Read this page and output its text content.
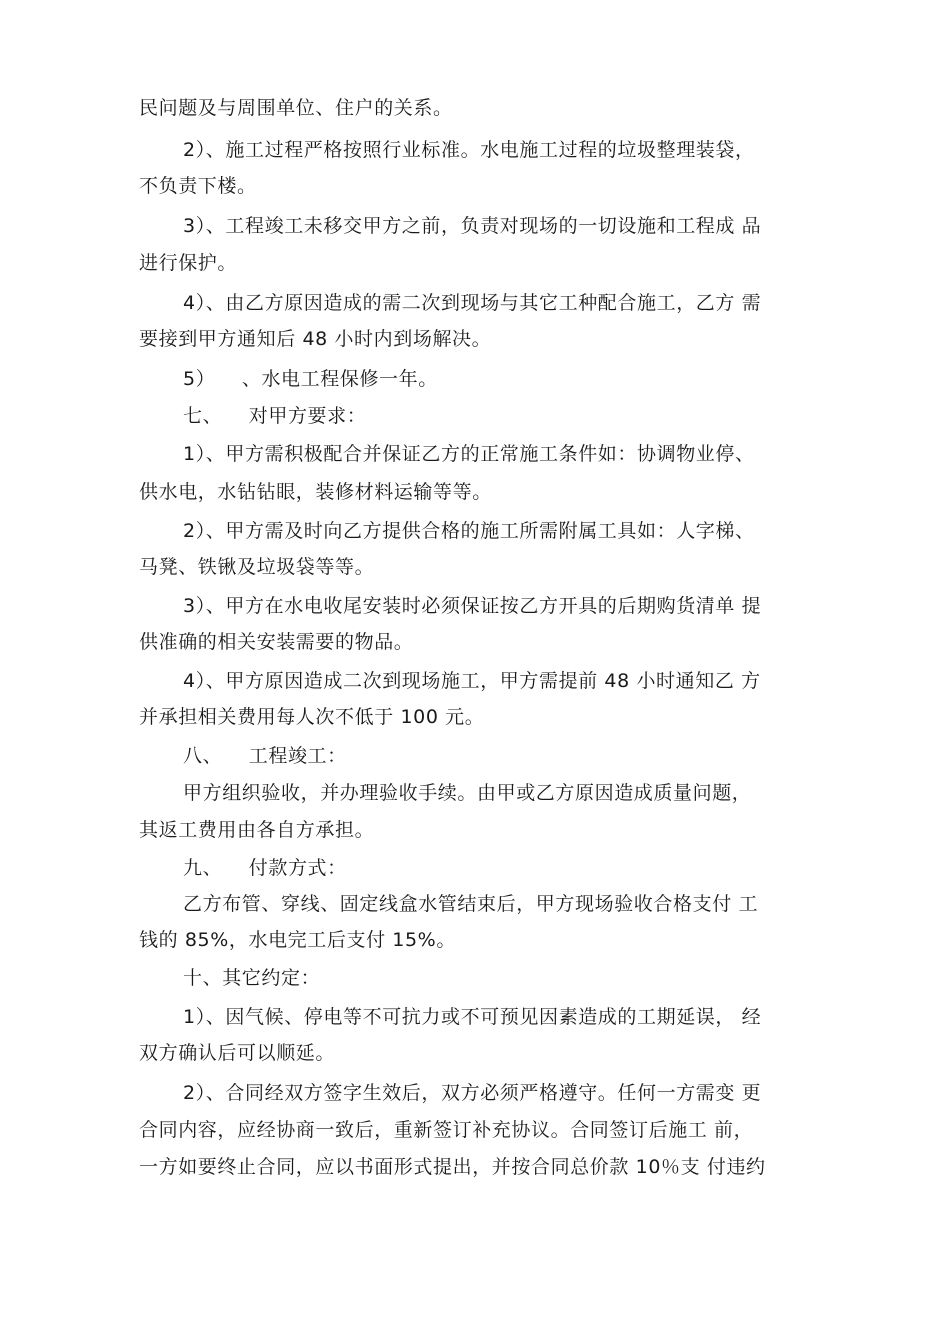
民问题及与周围单位、住户的关系。
2）、施工过程严格按照行业标准。水电施工过程的垃圾整理装袋，
不负责下楼。
3）、工程竣工未移交甲方之前，负责对现场的一切设施和工程成 品
进行保护。
4）、由乙方原因造成的需二次到现场与其它工种配合施工，乙方 需
要接到甲方通知后 48 小时内到场解决。
5）    、水电工程保修一年。
七、    对甲方要求：
1）、甲方需积极配合并保证乙方的正常施工条件如：协调物业停、
供水电，水钻钻眼，装修材料运输等等。
2）、甲方需及时向乙方提供合格的施工所需附属工具如：人字梯、
马凳、铁锹及垃圾袋等等。
3）、甲方在水电收尾安装时必须保证按乙方开具的后期购货清单 提
供准确的相关安装需要的物品。
4）、甲方原因造成二次到现场施工，甲方需提前 48 小时通知乙 方
并承担相关费用每人次不低于 100 元。
八、    工程竣工：
甲方组织验收，并办理验收手续。由甲或乙方原因造成质量问题，
其返工费用由各自方承担。
九、    付款方式：
乙方布管、穿线、固定线盒水管结束后，甲方现场验收合格支付 工
钱的 85%，水电完工后支付 15%。
十、其它约定：
1）、因气候、停电等不可抗力或不可预见因素造成的工期延误， 经
双方确认后可以顺延。
2）、合同经双方签字生效后，双方必须严格遵守。任何一方需变 更
合同内容，应经协商一致后，重新签订补充协议。合同签订后施工 前，
一方如要终止合同，应以书面形式提出，并按合同总价款 10％支 付违约
